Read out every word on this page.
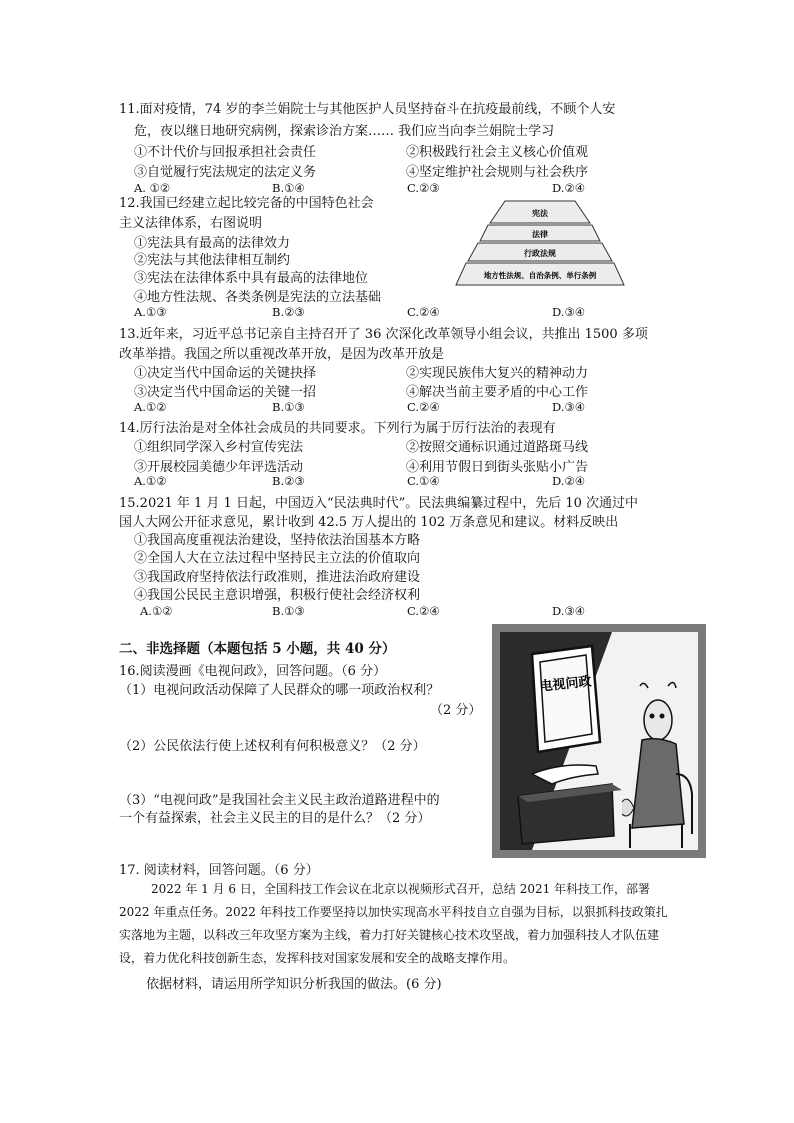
11.面对疫情，74 岁的李兰娟院士与其他医护人员坚持奋斗在抗疫最前线，不顾个人安
危，夜以继日地研究病例，探索诊治方案…… 我们应当向李兰娟院士学习
①不计代价与回报承担社会责任	②积极践行社会主义核心价值观
③自觉履行宪法规定的法定义务	④坚定维护社会规则与社会秩序
A. ①②	B.①④	C.②③	D.②④
12.我国已经建立起比较完备的中国特色社会
主义法律体系，右图说明
①宪法具有最高的法律效力
②宪法与其他法律相互制约
③宪法在法律体系中具有最高的法律地位
④地方性法规、各类条例是宪法的立法基础
A.①③	B.②③	C.②④	D.③④
宪法
法律
行政法规
地方性法规、自治条例、单行条例
13.近年来，习近平总书记亲自主持召开了 36 次深化改革领导小组会议，共推出 1500 多项
改革举措。我国之所以重视改革开放，是因为改革开放是
①决定当代中国命运的关键抉择	②实现民族伟大复兴的精神动力
③决定当代中国命运的关键一招	④解决当前主要矛盾的中心工作
A.①②	B.①③	C.②④	D.③④
14.厉行法治是对全体社会成员的共同要求。下列行为属于厉行法治的表现有
①组织同学深入乡村宣传宪法	②按照交通标识通过道路斑马线
③开展校园美德少年评选活动	④利用节假日到街头张贴小广告
A.①②	B.②③	C.①④	D.②④
15.2021 年 1 月 1 日起，中国迈入“民法典时代”。民法典编纂过程中，先后 10 次通过中
国人大网公开征求意见，累计收到 42.5 万人提出的 102 万条意见和建议。材料反映出
①我国高度重视法治建设，坚持依法治国基本方略
②全国人大在立法过程中坚持民主立法的价值取向
③我国政府坚持依法行政准则，推进法治政府建设
④我国公民民主意识增强，积极行使社会经济权利
A.①②	B.①③	C.②④	D.③④
二、非选择题（本题包括 5 小题，共 40 分）
16.阅读漫画《电视问政》，回答问题。（6 分）
（1）电视问政活动保障了人民群众的哪一项政治权利？
（2 分）
（2）公民依法行使上述权利有何积极意义？（2 分）
（3）“电视问政”是我国社会主义民主政治道路进程中的
一个有益探索，社会主义民主的目的是什么？（2 分）
电视问政
17. 阅读材料，回答问题。（6 分）
2022 年 1 月 6 日，全国科技工作会议在北京以视频形式召开，总结 2021 年科技工作，部署 2022 年重点任务。2022 年科技工作要坚持以加快实现高水平科技自立自强为目标，以狠抓科技政策扎实落地为主题，以科改三年攻坚方案为主线，着力打好关键核心技术攻坚战，着力加强科技人才队伍建设，着力优化科技创新生态，发挥科技对国家发展和安全的战略支撑作用。
依据材料，请运用所学知识分析我国的做法。(6 分)
